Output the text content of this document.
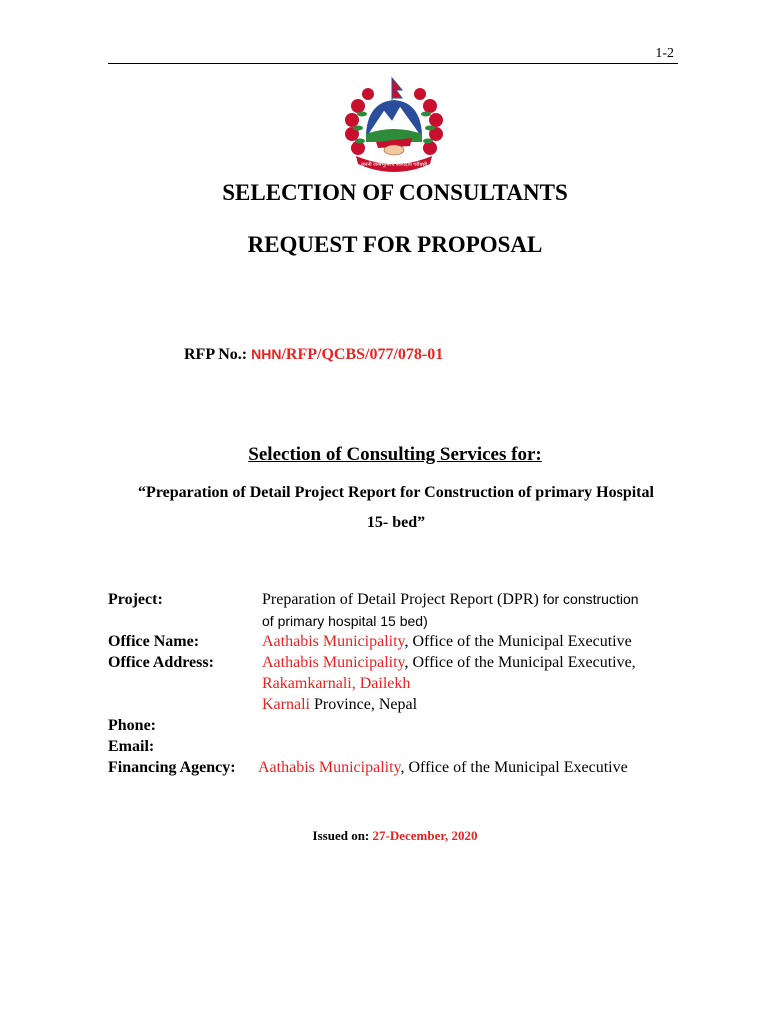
1-2
जननी जन्मभूमिश्च स्वर्गादपि गरीयसी
SELECTION OF CONSULTANTS
REQUEST FOR PROPOSAL
RFP No.: NHN/RFP/QCBS/077/078-01
Selection of Consulting Services for:
“Preparation of Detail Project Report for Construction of primary Hospital
15- bed”
Project:	Preparation of Detail Project Report (DPR) for construction
of primary hospital 15 bed)
Office Name:	Aathabis Municipality, Office of the Municipal Executive
Office Address:	Aathabis Municipality, Office of the Municipal Executive,
Rakamkarnali, Dailekh
Karnali Province, Nepal
Phone:
Email:
Financing Agency: Aathabis Municipality, Office of the Municipal Executive
Issued on: 27-December, 2020
